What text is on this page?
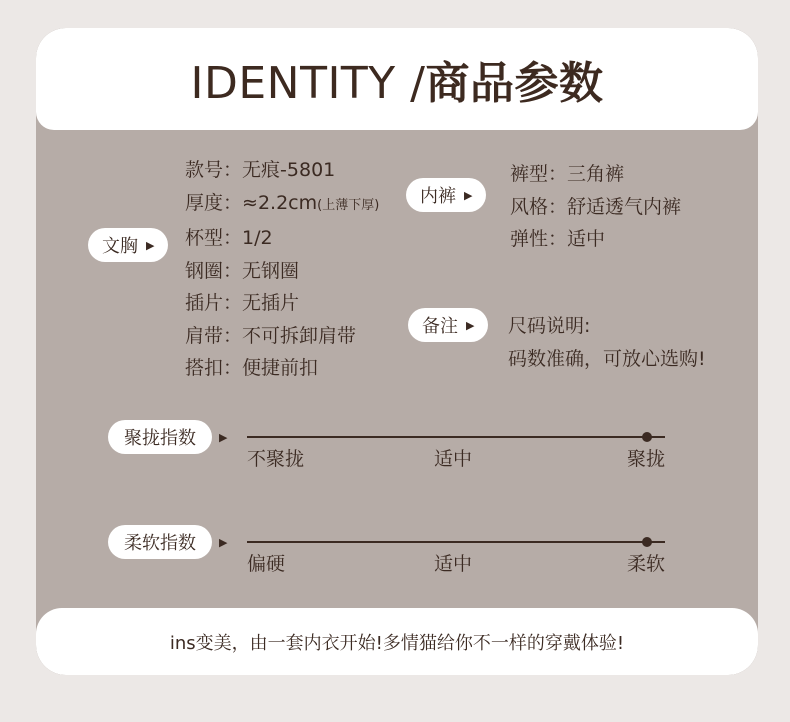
IDENTITY /商品参数
文胸 ▶
款号：无痕-5801
厚度：≈2.2cm(上薄下厚)
杯型：1/2
钢圈：无钢圈
插片：无插片
肩带：不可拆卸肩带
搭扣：便捷前扣
内裤 ▶
裤型：三角裤
风格：舒适透气内裤
弹性：适中
备注 ▶ 尺码说明:
码数准确，可放心选购!
聚拢指数 ▶
不聚拢	适中	聚拢
柔软指数 ▶
偏硬	适中	柔软
ins变美，由一套内衣开始!多情猫给你不一样的穿戴体验!
